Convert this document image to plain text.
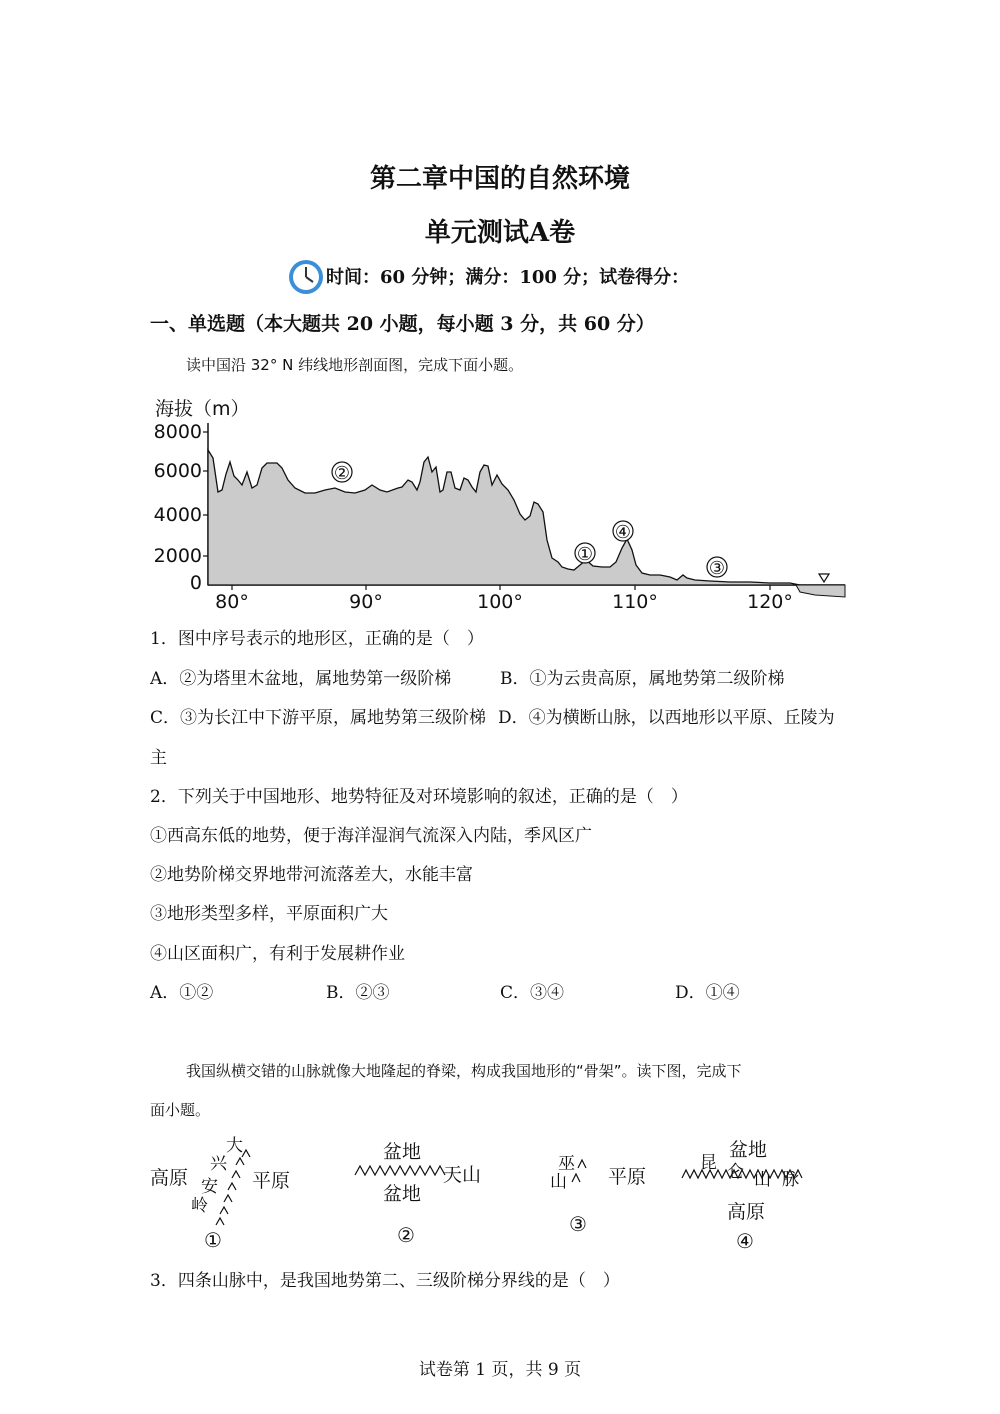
第二章中国的自然环境
单元测试A卷
时间：60 分钟；满分：100 分；试卷得分：
一、单选题（本大题共 20 小题，每小题 3 分，共 60 分）
读中国沿 32° N 纬线地形剖面图，完成下面小题。
海拔（m）
8000
6000
4000
2000
0
②
①
④
③
80°	90°	100°	110°	120°
1．图中序号表示的地形区，正确的是（　）
A．②为塔里木盆地，属地势第一级阶梯	B．①为云贵高原，属地势第二级阶梯
C．③为长江中下游平原，属地势第三级阶梯 D．④为横断山脉，以西地形以平原、丘陵为
主
2．下列关于中国地形、地势特征及对环境影响的叙述，正确的是（　）
①西高东低的地势，便于海洋湿润气流深入内陆，季风区广
②地势阶梯交界地带河流落差大，水能丰富
③地形类型多样，平原面积广大
④山区面积广，有利于发展耕作业
A．①②	B．②③	C．③④	D．①④
我国纵横交错的山脉就像大地隆起的脊梁，构成我国地形的“骨架”。读下图，完成下
面小题。
高原	平原
大
兴
安
岭
①
盆地
盆地
天山
②
巫
山 平原
③
盆地
高原
昆 仑 山 脉
④
3．四条山脉中，是我国地势第二、三级阶梯分界线的是（　）
试卷第 1 页，共 9 页
